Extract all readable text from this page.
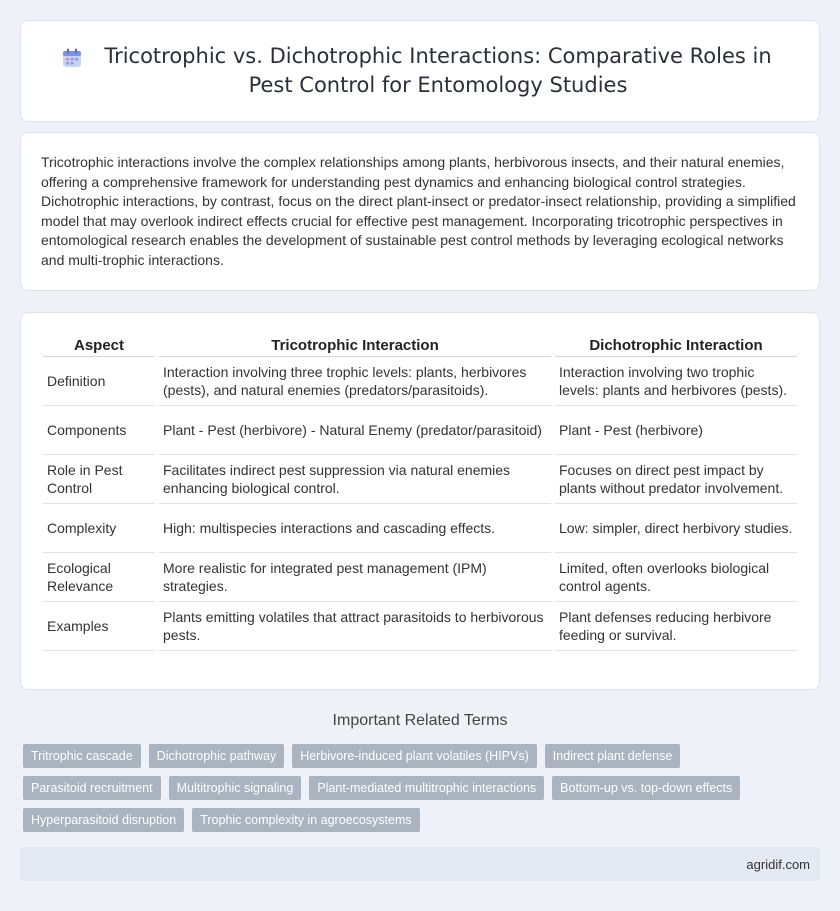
Tricotrophic vs. Dichotrophic Interactions: Comparative Roles in Pest Control for Entomology Studies

Tricotrophic interactions involve the complex relationships among plants, herbivorous insects, and their natural enemies, offering a comprehensive framework for understanding pest dynamics and enhancing biological control strategies. Dichotrophic interactions, by contrast, focus on the direct plant-insect or predator-insect relationship, providing a simplified model that may overlook indirect effects crucial for effective pest management. Incorporating tricotrophic perspectives in entomological research enables the development of sustainable pest control methods by leveraging ecological networks and multi-trophic interactions.

Aspect	Tricotrophic Interaction	Dichotrophic Interaction
Definition	Interaction involving three trophic levels: plants, herbivores (pests), and natural enemies (predators/parasitoids).	Interaction involving two trophic levels: plants and herbivores (pests).
Components	Plant - Pest (herbivore) - Natural Enemy (predator/parasitoid)	Plant - Pest (herbivore)
Role in Pest Control	Facilitates indirect pest suppression via natural enemies enhancing biological control.	Focuses on direct pest impact by plants without predator involvement.
Complexity	High: multispecies interactions and cascading effects.	Low: simpler, direct herbivory studies.
Ecological Relevance	More realistic for integrated pest management (IPM) strategies.	Limited, often overlooks biological control agents.
Examples	Plants emitting volatiles that attract parasitoids to herbivorous pests.	Plant defenses reducing herbivore feeding or survival.
Important Related Terms
Tritrophic cascade	Dichotrophic pathway	Herbivore-induced plant volatiles (HIPVs)	Indirect plant defense
Parasitoid recruitment	Multitrophic signaling	Plant-mediated multitrophic interactions	Bottom-up vs. top-down effects
Hyperparasitoid disruption	Trophic complexity in agroecosystems
agridif.com
